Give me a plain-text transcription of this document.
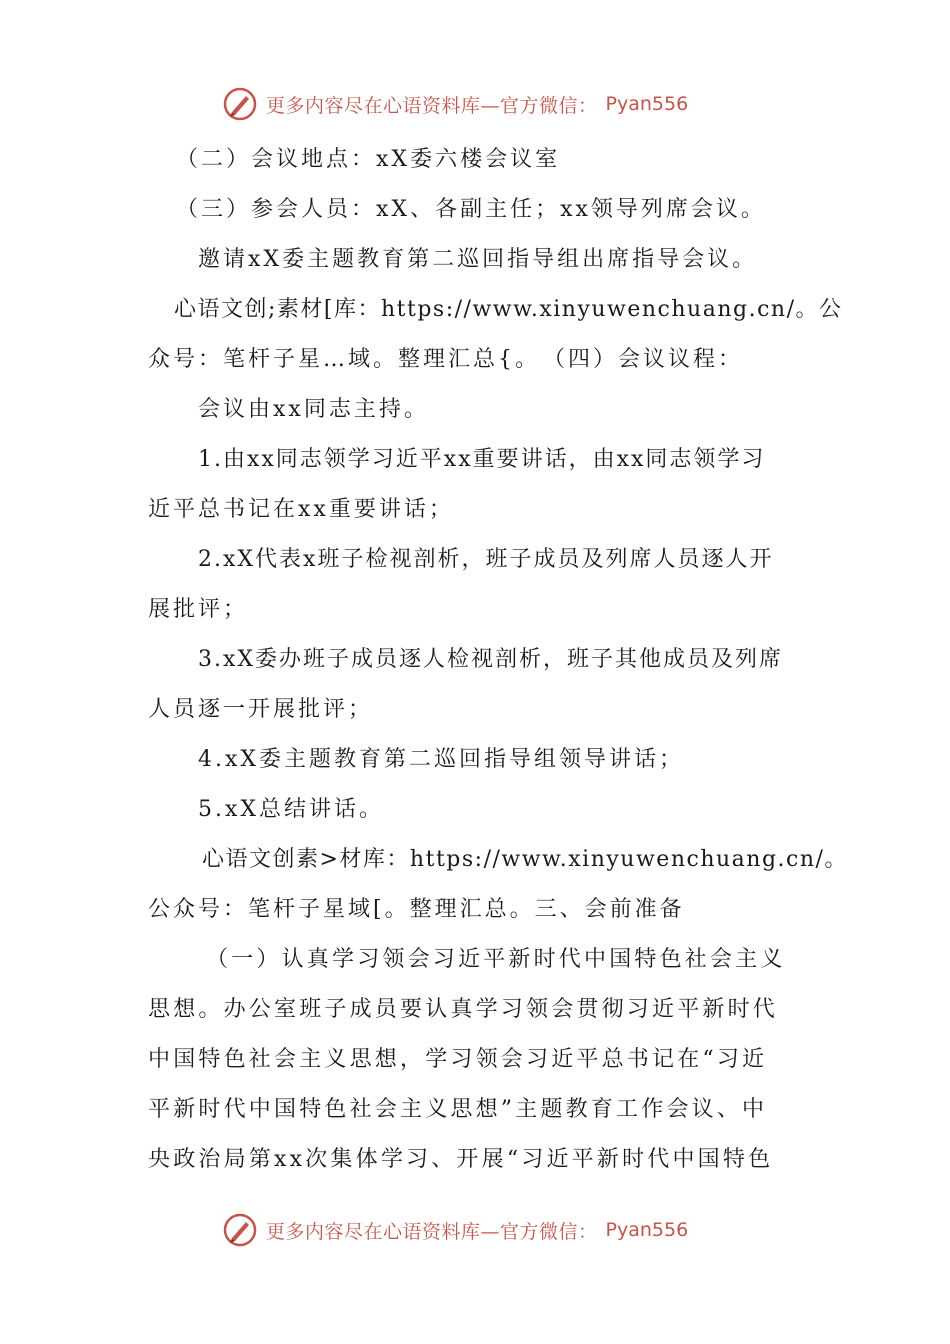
更多内容尽在心语资料库—官方微信： Pyan556
（二）会议地点：xX委六楼会议室
（三）参会人员：xX、各副主任；xx领导列席会议。
邀请xX委主题教育第二巡回指导组出席指导会议。
心语文创;素材[库：https://www.xinyuwenchuang.cn/。公
众号：笔杆子星…域。整理汇总{。　（四）会议议程：
会议由xx同志主持。
1.由xx同志领学习近平xx重要讲话，由xx同志领学习
近平总书记在xx重要讲话；
2.xX代表x班子检视剖析，班子成员及列席人员逐人开
展批评；
3.xX委办班子成员逐人检视剖析，班子其他成员及列席
人员逐一开展批评；
4.xX委主题教育第二巡回指导组领导讲话；
5.xX总结讲话。
心语文创素>材库：https://www.xinyuwenchuang.cn/。
公众号：笔杆子星域[。整理汇总。三、会前准备
（一）认真学习领会习近平新时代中国特色社会主义
思想。办公室班子成员要认真学习领会贯彻习近平新时代
中国特色社会主义思想，学习领会习近平总书记在“习近
平新时代中国特色社会主义思想”主题教育工作会议、中
央政治局第xx次集体学习、开展“习近平新时代中国特色
更多内容尽在心语资料库—官方微信： Pyan556
